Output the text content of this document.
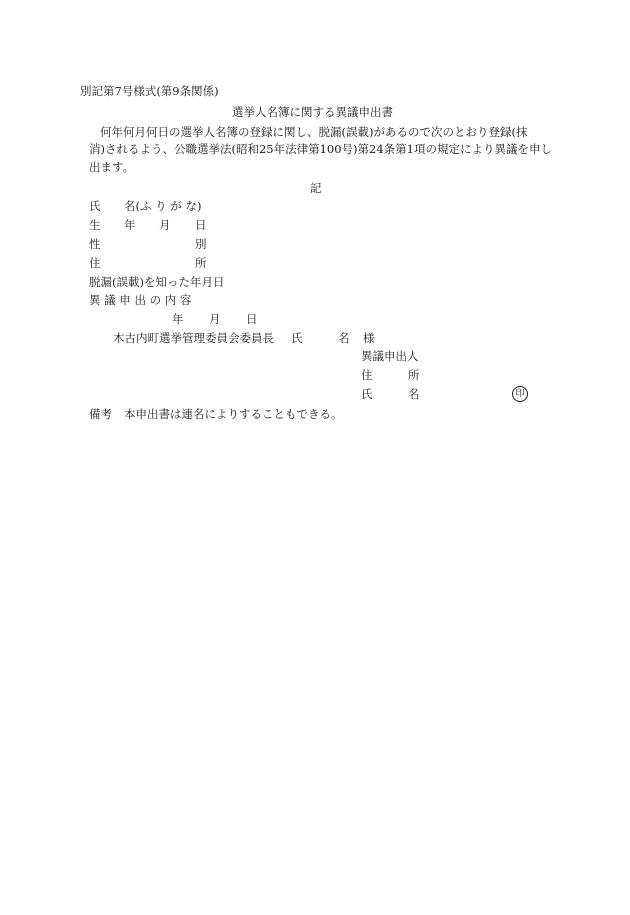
別記第7号様式(第9条関係)
選挙人名簿に関する異議申出書
何年何月何日の選挙人名簿の登録に関し、脱漏(誤載)があるので次のとおり登録(抹
消)されるよう、公職選挙法(昭和25年法律第100号)第24条第1項の規定により異議を申し
出ます。
記
氏 名(ふ り が な)
生 年 月 日
性	別
住	所
脱漏(誤載)を知った年月日
異 議 申 出 の 内 容
年 月 日
木古内町選挙管理委員会委員長 氏	名 様
異議申出人
住	所
氏	名	印
備考 本申出書は連名によりすることもできる。
